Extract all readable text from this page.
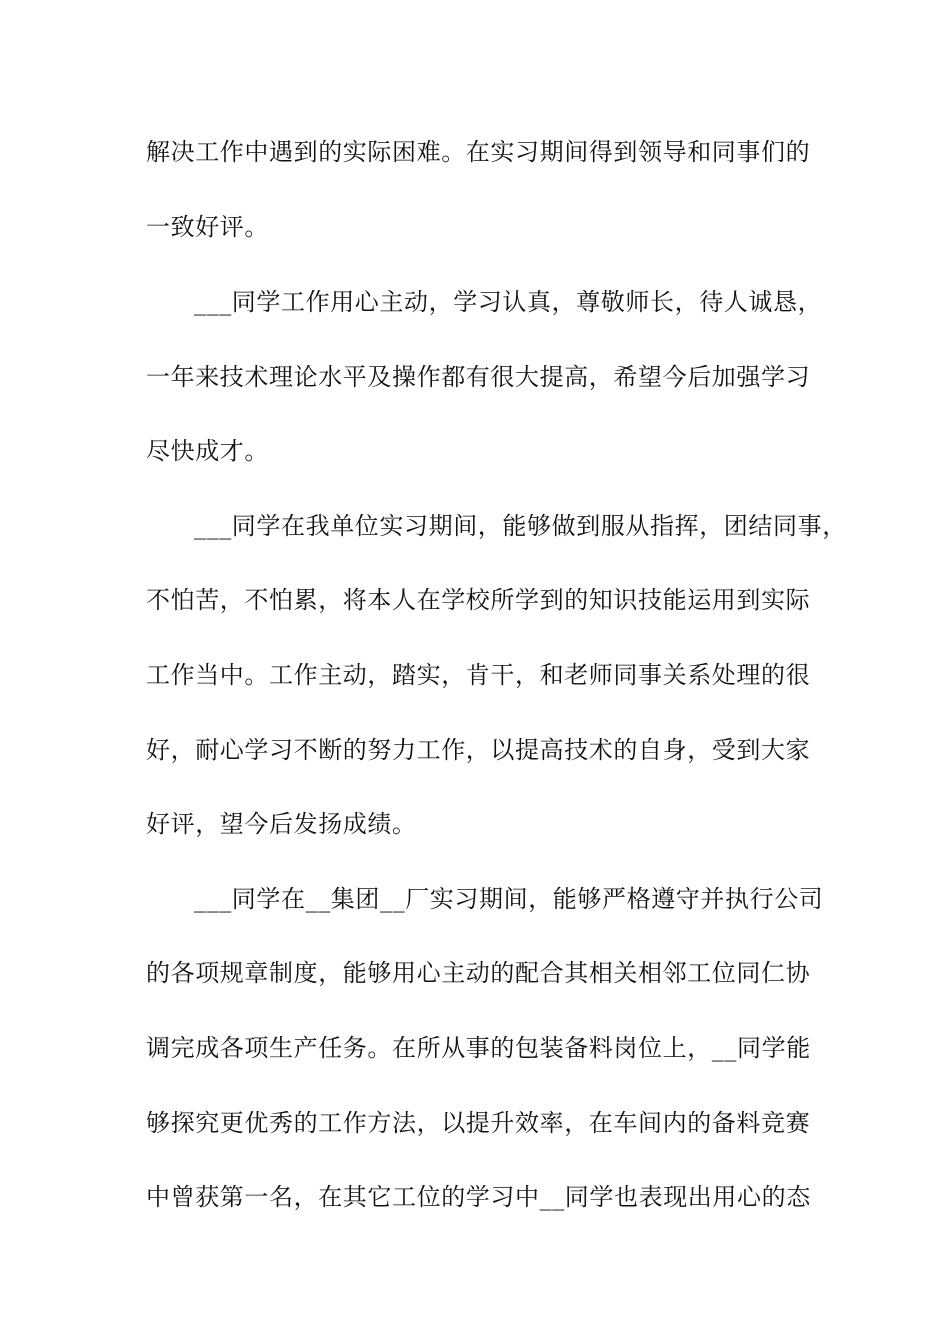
解决工作中遇到的实际困难。在实习期间得到领导和同事们的
一致好评。
___同学工作用心主动，学习认真，尊敬师长，待人诚恳，
一年来技术理论水平及操作都有很大提高，希望今后加强学习
尽快成才。
___同学在我单位实习期间，能够做到服从指挥，团结同事，
不怕苦，不怕累，将本人在学校所学到的知识技能运用到实际
工作当中。工作主动，踏实，肯干，和老师同事关系处理的很
好，耐心学习不断的努力工作，以提高技术的自身，受到大家
好评，望今后发扬成绩。
___同学在__集团__厂实习期间，能够严格遵守并执行公司
的各项规章制度，能够用心主动的配合其相关相邻工位同仁协
调完成各项生产任务。在所从事的包装备料岗位上，__同学能
够探究更优秀的工作方法，以提升效率，在车间内的备料竞赛
中曾获第一名，在其它工位的学习中__同学也表现出用心的态
